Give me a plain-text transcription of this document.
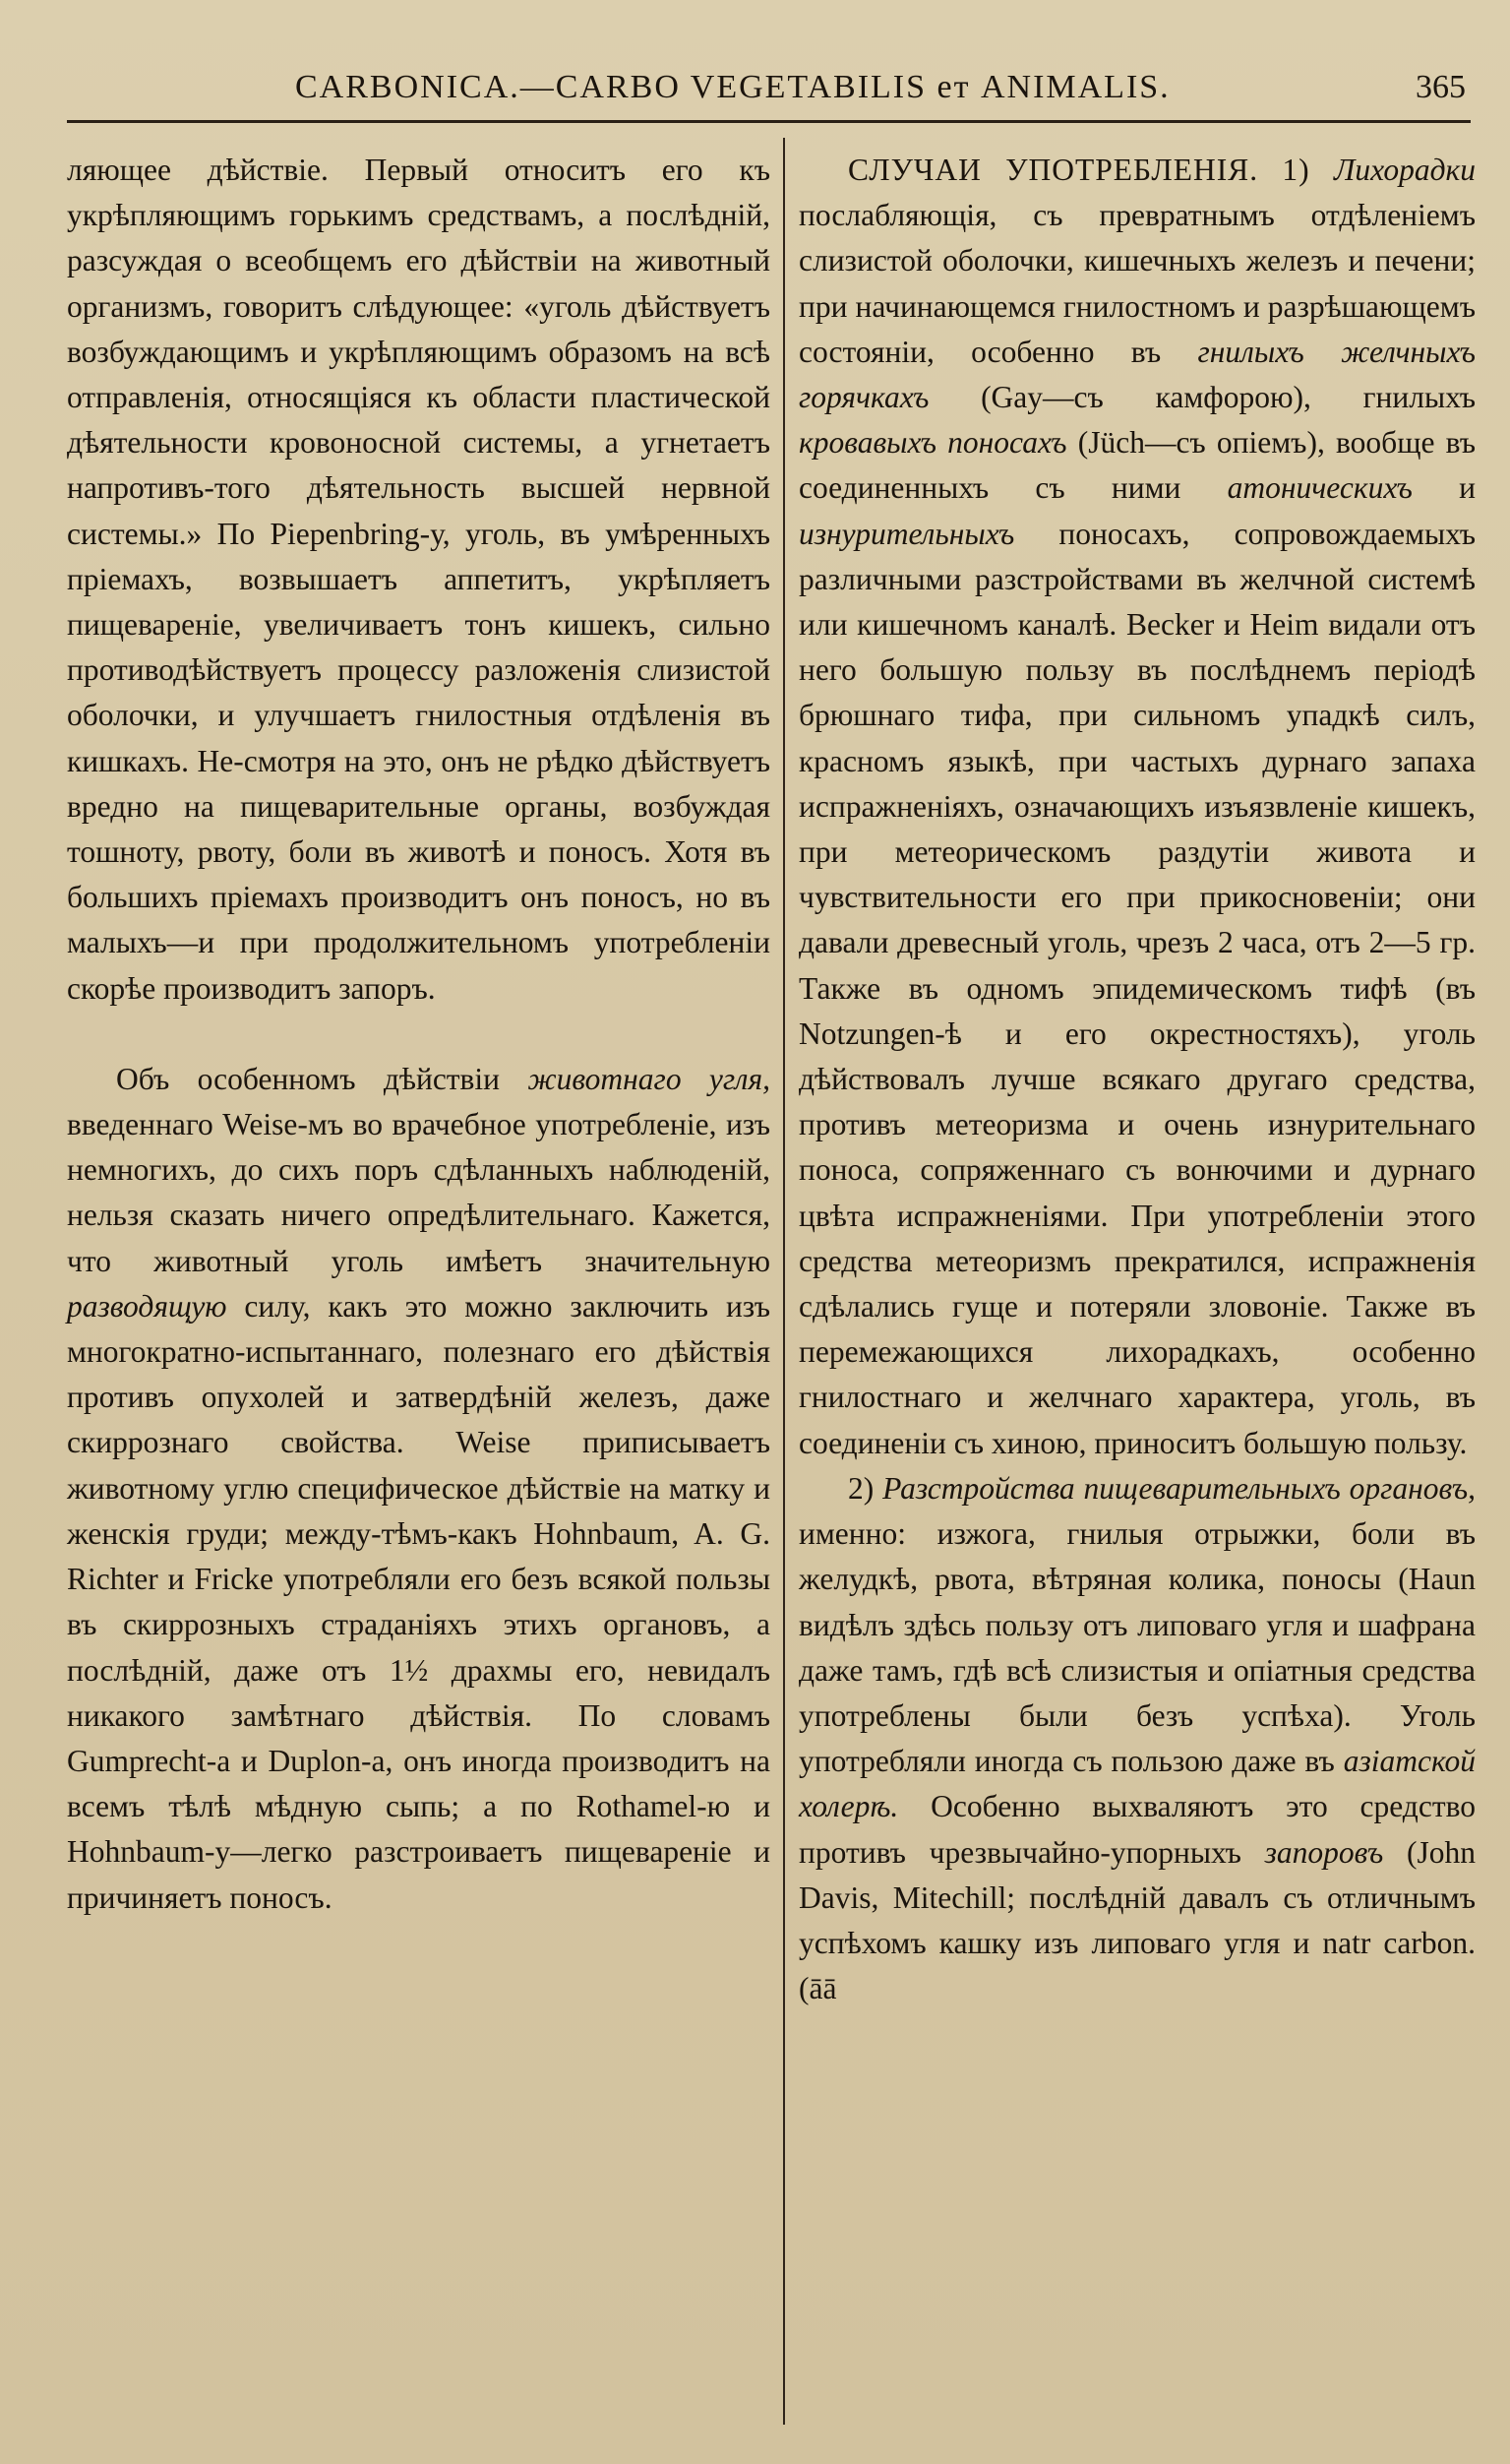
CARBONICA.—CARBO VEGETABILIS ет ANIMALIS.	365

ляющее дѣйствіе. Первый относитъ его къ укрѣпляющимъ горькимъ средствамъ, а послѣдній, разсуждая о всеобщемъ его дѣйствіи на животный организмъ, говоритъ слѣдующее: «уголь дѣйствуетъ возбуждающимъ и укрѣпляющимъ образомъ на всѣ отправленія, относящіяся къ области пластической дѣятельности кровоносной системы, а угнетаетъ напротивъ-того дѣятельность высшей нервной системы.» По Piepenbring-у, уголь, въ умѣренныхъ пріемахъ, возвышаетъ аппетитъ, укрѣпляетъ пищевареніе, увеличиваетъ тонъ кишекъ, сильно противодѣйствуетъ процессу разложенія слизистой оболочки, и улучшаетъ гнилостныя отдѣленія въ кишкахъ. Не-смотря на это, онъ не рѣдко дѣйствуетъ вредно на пищеварительные органы, возбуждая тошноту, рвоту, боли въ животѣ и поносъ. Хотя въ большихъ пріемахъ производитъ онъ поносъ, но въ малыхъ—и при продолжительномъ употребленіи скорѣе производитъ запоръ.

Объ особенномъ дѣйствіи животнаго угля, введеннаго Weise-мъ во врачебное употребленіе, изъ немногихъ, до сихъ поръ сдѣланныхъ наблюденій, нельзя сказать ничего опредѣлительнаго. Кажется, что животный уголь имѣетъ значительную разводящую силу, какъ это можно заключить изъ многократно-испытаннаго, полезнаго его дѣйствія противъ опухолей и затвердѣній железъ, даже скиррознаго свойства. Weise приписываетъ животному углю специфическое дѣйствіе на матку и женскія груди; между-тѣмъ-какъ Hohnbaum, A. G. Richter и Fricke употребляли его безъ всякой пользы въ скиррозныхъ страданіяхъ этихъ органовъ, а послѣдній, даже отъ 1½ драхмы его, невидалъ никакого замѣтнаго дѣйствія. По словамъ Gumprecht-а и Duplon-а, онъ иногда производитъ на всемъ тѣлѣ мѣдную сыпь; а по Rothamel-ю и Hohnbaum-у—легко разстроиваетъ пищевареніе и причиняетъ поносъ.

СЛУЧАИ УПОТРЕБЛЕНІЯ. 1) Лихорадки послабляющія, съ превратнымъ отдѣленіемъ слизистой оболочки, кишечныхъ железъ и печени; при начинающемся гнилостномъ и разрѣшающемъ состояніи, особенно въ гнилыхъ желчныхъ горячкахъ (Gay—съ камфорою), гнилыхъ кровавыхъ поносахъ (Jüch—съ опіемъ), вообще въ соединенныхъ съ ними атоническихъ и изнурительныхъ поносахъ, сопровождаемыхъ различными разстройствами въ желчной системѣ или кишечномъ каналѣ. Becker и Heim видали отъ него большую пользу въ послѣднемъ періодѣ брюшнаго тифа, при сильномъ упадкѣ силъ, красномъ языкѣ, при частыхъ дурнаго запаха испражненіяхъ, означающихъ изъязвленіе кишекъ, при метеорическомъ раздутіи живота и чувствительности его при прикосновеніи; они давали древесный уголь, чрезъ 2 часа, отъ 2—5 гр. Также въ одномъ эпидемическомъ тифѣ (въ Notzungen-ѣ и его окрестностяхъ), уголь дѣйствовалъ лучше всякаго другаго средства, противъ метеоризма и очень изнурительнаго поноса, сопряженнаго съ вонючими и дурнаго цвѣта испражненіями. При употребленіи этого средства метеоризмъ прекратился, испражненія сдѣлались гуще и потеряли зловоніе. Также въ перемежающихся лихорадкахъ, особенно гнилостнаго и желчнаго характера, уголь, въ соединеніи съ хиною, приноситъ большую пользу.

2) Разстройства пищеварительныхъ органовъ, именно: изжога, гнилыя отрыжки, боли въ желудкѣ, рвота, вѣтряная колика, поносы (Haun видѣлъ здѣсь пользу отъ липоваго угля и шафрана даже тамъ, гдѣ всѣ слизистыя и опіатныя средства употреблены были безъ успѣха). Уголь употребляли иногда съ пользою даже въ азіатской холерѣ. Особенно выхваляютъ это средство противъ чрезвычайно-упорныхъ запоровъ (John Davis, Mitechill; послѣдній давалъ съ отличнымъ успѣхомъ кашку изъ липоваго угля и natr carbon. (āā
